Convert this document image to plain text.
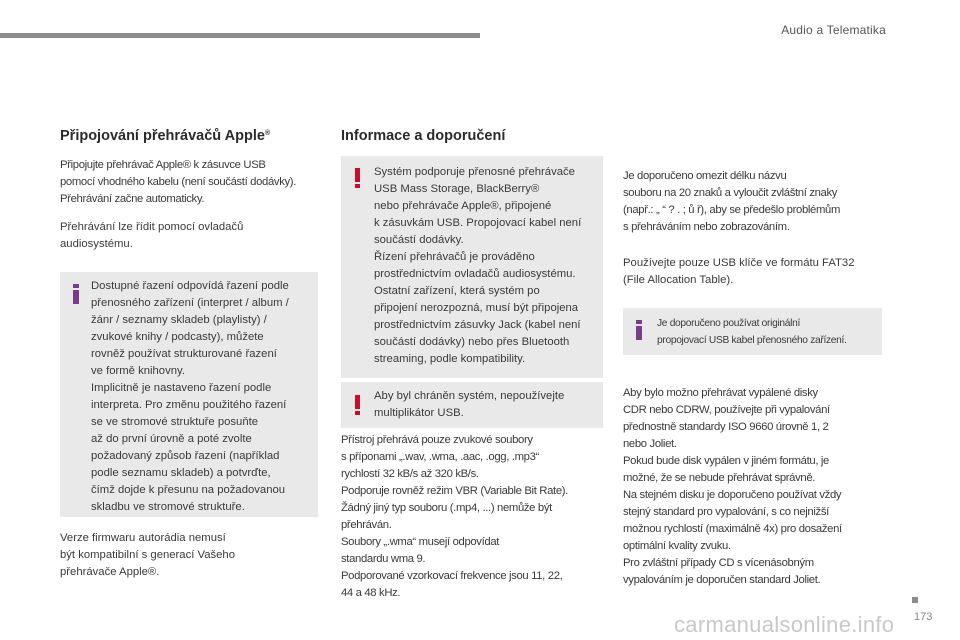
Audio a Telematika
Připojování přehrávačů Apple®
Připojujte přehrávač Apple® k zásuvce USB
pomocí vhodného kabelu (není součástí dodávky).
Přehrávání začne automaticky.
Přehrávání lze řídit pomocí ovladačů
audiosystému.
Dostupné řazení odpovídá řazení podle
přenosného zařízení (interpret / album /
žánr / seznamy skladeb (playlisty) /
zvukové knihy / podcasty), můžete
rovněž používat strukturované řazení
ve formě knihovny.
Implicitně je nastaveno řazení podle
interpreta. Pro změnu použitého řazení
se ve stromové struktuře posuňte
až do první úrovně a poté zvolte
požadovaný způsob řazení (například
podle seznamu skladeb) a potvrďte,
čímž dojde k přesunu na požadovanou
skladbu ve stromové struktuře.
Verze firmwaru autorádia nemusí
být kompatibilní s generací Vašeho
přehrávače Apple®.
Informace a doporučení
Systém podporuje přenosné přehrávače
USB Mass Storage, BlackBerry®
nebo přehrávače Apple®, připojené
k zásuvkám USB. Propojovací kabel není
součástí dodávky.
Řízení přehrávačů je prováděno
prostřednictvím ovladačů audiosystému.
Ostatní zařízení, která systém po
připojení nerozpozná, musí být připojena
prostřednictvím zásuvky Jack (kabel není
součástí dodávky) nebo přes Bluetooth
streaming, podle kompatibility.
Aby byl chráněn systém, nepoužívejte
multiplikátor USB.
Přístroj přehrává pouze zvukové soubory
s příponami „.wav, .wma, .aac, .ogg, .mp3“
rychlostí 32 kB/s až 320 kB/s.
Podporuje rovněž režim VBR (Variable Bit Rate).
Žádný jiný typ souboru (.mp4, ...) nemůže být
přehráván.
Soubory „.wma“ musejí odpovídat
standardu wma 9.
Podporované vzorkovací frekvence jsou 11, 22,
44 a 48 kHz.
Je doporučeno omezit délku názvu
souboru na 20 znaků a vyloučit zvláštní znaky
(např.: „ “ ? . ; ů ř), aby se předešlo problémům
s přehráváním nebo zobrazováním.
Používejte pouze USB klíče ve formátu FAT32
(File Allocation Table).
Je doporučeno používat originální
propojovací USB kabel přenosného zařízení.
Aby bylo možno přehrávat vypálené disky
CDR nebo CDRW, používejte při vypalování
přednostně standardy ISO 9660 úrovně 1, 2
nebo Joliet.
Pokud bude disk vypálen v jiném formátu, je
možné, že se nebude přehrávat správně.
Na stejném disku je doporučeno používat vždy
stejný standard pro vypalování, s co nejnižší
možnou rychlostí (maximálně 4x) pro dosažení
optimální kvality zvuku.
Pro zvláštní případy CD s vícenásobným
vypalováním je doporučen standard Joliet.
carmanualsonline.info 173
